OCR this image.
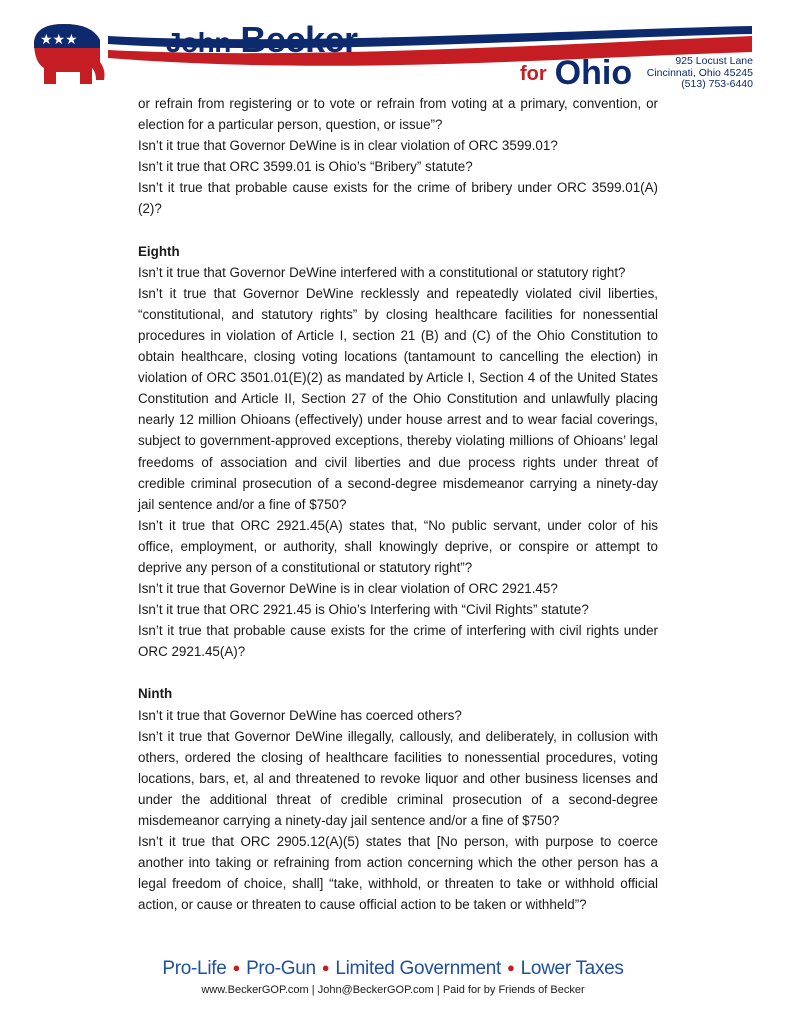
★★★	John Becker
for Ohio	925 Locust Lane
Cincinnati, Ohio 45245
(513) 753-6440

or refrain from registering or to vote or refrain from voting at a primary, convention, or election for a particular person, question, or issue”?

Isn’t it true that Governor DeWine is in clear violation of ORC 3599.01?

Isn’t it true that ORC 3599.01 is Ohio’s “Bribery” statute?

Isn’t it true that probable cause exists for the crime of bribery under ORC 3599.01(A)(2)?

Eighth

Isn’t it true that Governor DeWine interfered with a constitutional or statutory right?

Isn’t it true that Governor DeWine recklessly and repeatedly violated civil liberties, “constitutional, and statutory rights” by closing healthcare facilities for nonessential procedures in violation of Article I, section 21 (B) and (C) of the Ohio Constitution to obtain healthcare, closing voting locations (tantamount to cancelling the election) in violation of ORC 3501.01(E)(2) as mandated by Article I, Section 4 of the United States Constitution and Article II, Section 27 of the Ohio Constitution and unlawfully placing nearly 12 million Ohioans (effectively) under house arrest and to wear facial coverings, subject to government-approved exceptions, thereby violating millions of Ohioans’ legal freedoms of association and civil liberties and due process rights under threat of credible criminal prosecution of a second-degree misdemeanor carrying a ninety-day jail sentence and/or a fine of $750?

Isn’t it true that ORC 2921.45(A) states that, “No public servant, under color of his office, employment, or authority, shall knowingly deprive, or conspire or attempt to deprive any person of a constitutional or statutory right”?

Isn’t it true that Governor DeWine is in clear violation of ORC 2921.45?

Isn’t it true that ORC 2921.45 is Ohio’s Interfering with “Civil Rights” statute?

Isn’t it true that probable cause exists for the crime of interfering with civil rights under ORC 2921.45(A)?

Ninth

Isn’t it true that Governor DeWine has coerced others?

Isn’t it true that Governor DeWine illegally, callously, and deliberately, in collusion with others, ordered the closing of healthcare facilities to nonessential procedures, voting locations, bars, et, al and threatened to revoke liquor and other business licenses and under the additional threat of credible criminal prosecution of a second-degree misdemeanor carrying a ninety-day jail sentence and/or a fine of $750?

Isn’t it true that ORC 2905.12(A)(5) states that [No person, with purpose to coerce another into taking or refraining from action concerning which the other person has a legal freedom of choice, shall] “take, withhold, or threaten to take or withhold official action, or cause or threaten to cause official action to be taken or withheld”?

Pro-Life ● Pro-Gun ● Limited Government ● Lower Taxes
www.BeckerGOP.com | John@BeckerGOP.com | Paid for by Friends of Becker
